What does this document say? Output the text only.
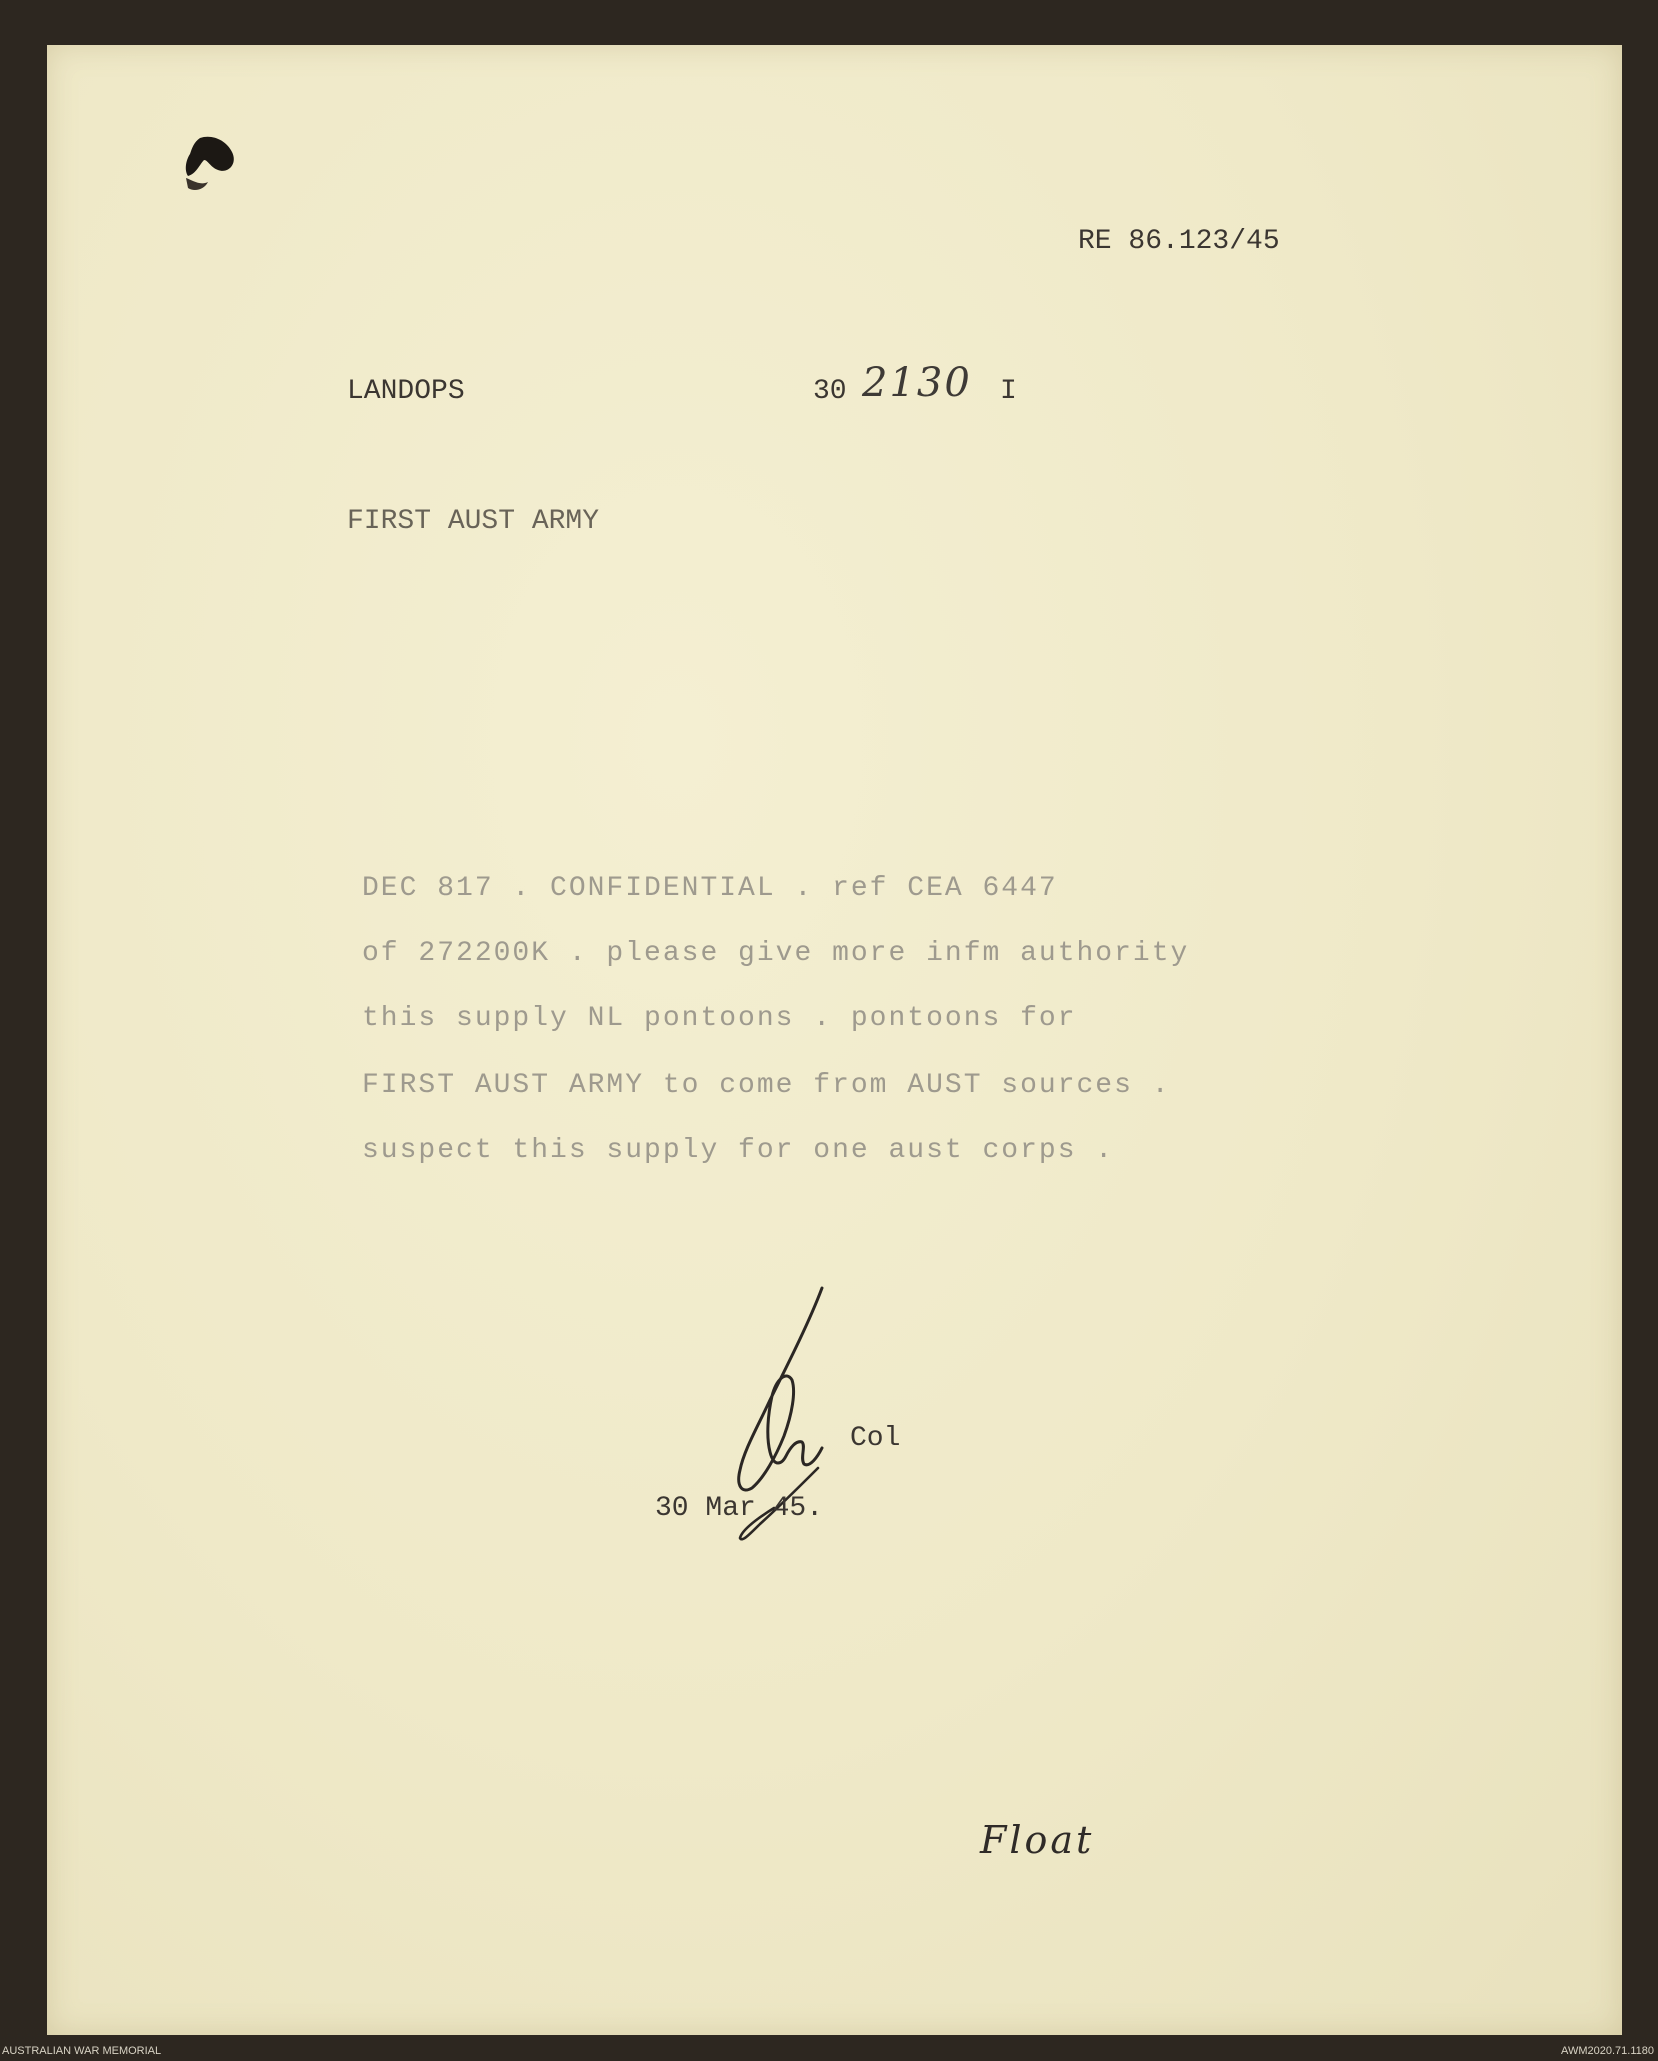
RE 86.123/45
LANDOPS	30 2130 I
FIRST AUST ARMY
DEC 817 . CONFIDENTIAL . ref CEA 6447
of 272200K . please give more infm authority
this supply NL pontoons . pontoons for
FIRST AUST ARMY to come from AUST sources .
suspect this supply for one aust corps .
Col
30 Mar 45.
Float
AUSTRALIAN WAR MEMORIAL	AWM2020.71.1180
